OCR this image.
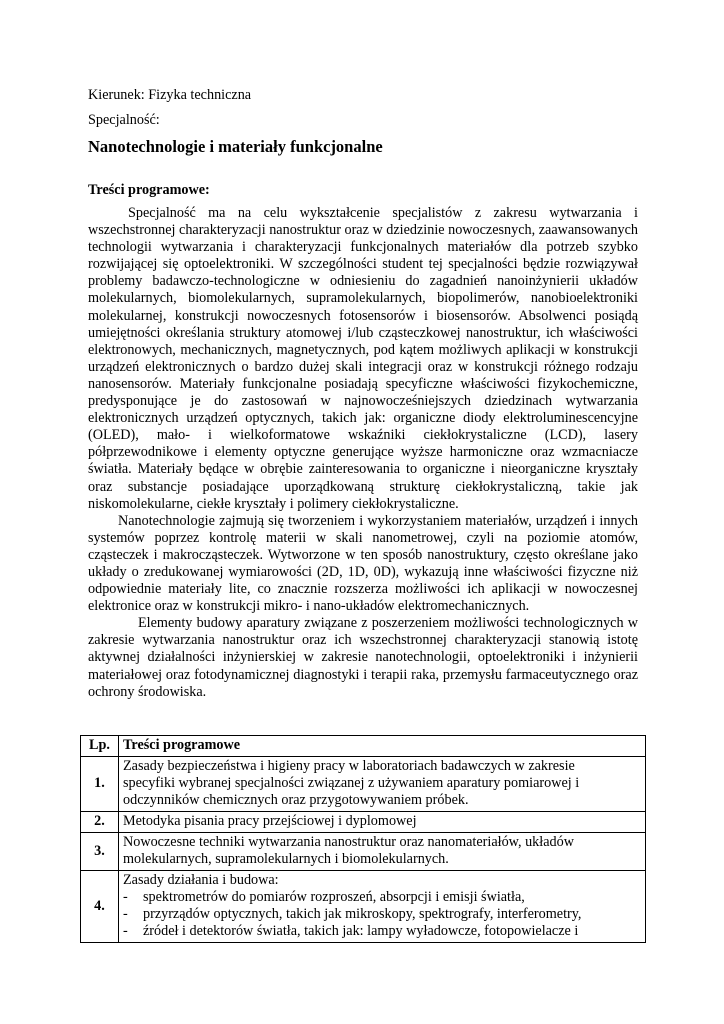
Kierunek: Fizyka techniczna
Specjalność:
Nanotechnologie i materiały funkcjonalne
Treści programowe:

Specjalność ma na celu wykształcenie specjalistów z zakresu wytwarzania i wszechstronnej charakteryzacji nanostruktur oraz w dziedzinie nowoczesnych, zaawansowanych technologii wytwarzania i charakteryzacji funkcjonalnych materiałów dla potrzeb szybko rozwijającej się optoelektroniki. W szczególności student tej specjalności będzie rozwiązywał problemy badawczo-technologiczne w odniesieniu do zagadnień nanoinżynierii układów molekularnych, biomolekularnych, supramolekularnych, biopolimerów, nanobioelektroniki molekularnej, konstrukcji nowoczesnych fotosensorów i biosensorów. Absolwenci posiądą umiejętności określania struktury atomowej i/lub cząsteczkowej nanostruktur, ich właściwości elektronowych, mechanicznych, magnetycznych, pod kątem możliwych aplikacji w konstrukcji urządzeń elektronicznych o bardzo dużej skali integracji oraz w konstrukcji różnego rodzaju nanosensorów. Materiały funkcjonalne posiadają specyficzne właściwości fizykochemiczne, predysponujące je do zastosowań w najnowocześniejszych dziedzinach wytwarzania elektronicznych urządzeń optycznych, takich jak: organiczne diody elektroluminescencyjne (OLED), mało- i wielkoformatowe wskaźniki ciekłokrystaliczne (LCD), lasery półprzewodnikowe i elementy optyczne generujące wyższe harmoniczne oraz wzmacniacze światła. Materiały będące w obrębie zainteresowania to organiczne i nieorganiczne kryształy oraz substancje posiadające uporządkowaną strukturę ciekłokrystaliczną, takie jak niskomolekularne, ciekłe kryształy i polimery ciekłokrystaliczne.

Nanotechnologie zajmują się tworzeniem i wykorzystaniem materiałów, urządzeń i innych systemów poprzez kontrolę materii w skali nanometrowej, czyli na poziomie atomów, cząsteczek i makrocząsteczek. Wytworzone w ten sposób nanostruktury, często określane jako układy o zredukowanej wymiarowości (2D, 1D, 0D), wykazują inne właściwości fizyczne niż odpowiednie materiały lite, co znacznie rozszerza możliwości ich aplikacji w nowoczesnej elektronice oraz w konstrukcji mikro- i nano-układów elektromechanicznych.

Elementy budowy aparatury związane z poszerzeniem możliwości technologicznych w zakresie wytwarzania nanostruktur oraz ich wszechstronnej charakteryzacji stanowią istotę aktywnej działalności inżynierskiej w zakresie nanotechnologii, optoelektroniki i inżynierii materiałowej oraz fotodynamicznej diagnostyki i terapii raka, przemysłu farmaceutycznego oraz ochrony środowiska.

Lp.	Treści programowe
1.	Zasady bezpieczeństwa i higieny pracy w laboratoriach badawczych w zakresie
specyfiki wybranej specjalności związanej z używaniem aparatury pomiarowej i
odczynników chemicznych oraz przygotowywaniem próbek.

2.	Metodyka pisania pracy przejściowej i dyplomowej

3.	Nowoczesne techniki wytwarzania nanostruktur oraz nanomateriałów, układów
molekularnych, supramolekularnych i biomolekularnych.

4.	Zasady działania i budowa:
- spektrometrów do pomiarów rozproszeń, absorpcji i emisji światła,
- przyrządów optycznych, takich jak mikroskopy, spektrografy, interferometry,
- źródeł i detektorów światła, takich jak: lampy wyładowcze, fotopowielacze i
